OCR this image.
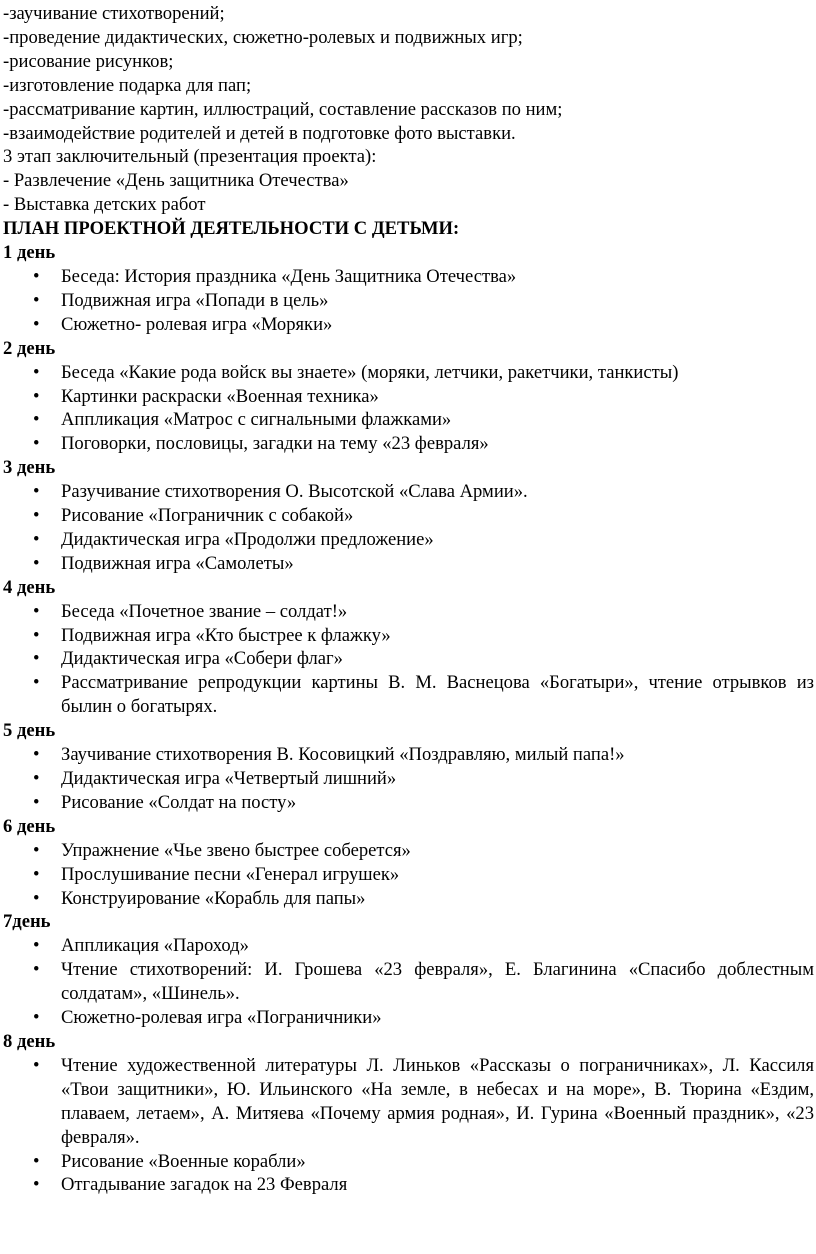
-заучивание стихотворений;

-проведение дидактических, сюжетно-ролевых и подвижных игр;

-рисование рисунков;

-изготовление подарка для пап;

-рассматривание картин, иллюстраций, составление рассказов по ним;

-взаимодействие родителей и детей в подготовке фото выставки.

3 этап заключительный (презентация проекта):

- Развлечение «День защитника Отечества»

- Выставка детских работ

ПЛАН ПРОЕКТНОЙ ДЕЯТЕЛЬНОСТИ С ДЕТЬМИ:

1 день

• Беседа: История праздника «День Защитника Отечества»
• Подвижная игра «Попади в цель»
• Сюжетно- ролевая игра «Моряки»

2 день

• Беседа «Какие рода войск вы знаете» (моряки, летчики, ракетчики, танкисты)
• Картинки раскраски «Военная техника»
• Аппликация «Матрос с сигнальными флажками»
• Поговорки, пословицы, загадки на тему «23 февраля»

3 день

• Разучивание стихотворения О. Высотской «Слава Армии».
• Рисование «Пограничник с собакой»
• Дидактическая игра «Продолжи предложение»
• Подвижная игра «Самолеты»

4 день

• Беседа «Почетное звание – солдат!»
• Подвижная игра «Кто быстрее к флажку»
• Дидактическая игра «Собери флаг»
• Рассматривание репродукции картины В. М. Васнецова «Богатыри», чтение отрывков из былин о богатырях.

5 день

• Заучивание стихотворения В. Косовицкий «Поздравляю, милый папа!»
• Дидактическая игра «Четвертый лишний»
• Рисование «Солдат на посту»

6 день

• Упражнение «Чье звено быстрее соберется»
• Прослушивание песни «Генерал игрушек»
• Конструирование «Корабль для папы»

7день

• Аппликация «Пароход»
• Чтение стихотворений: И. Грошева «23 февраля», Е. Благинина «Спасибо доблестным солдатам», «Шинель».
• Сюжетно-ролевая игра «Пограничники»

8 день

• Чтение художественной литературы Л. Линьков «Рассказы о пограничниках», Л. Кассиля «Твои защитники», Ю. Ильинского «На земле, в небесах и на море», В. Тюрина «Ездим, плаваем, летаем», А. Митяева «Почему армия родная», И. Гурина «Военный праздник», «23 февраля».
• Рисование «Военные корабли»
• Отгадывание загадок на 23 Февраля
